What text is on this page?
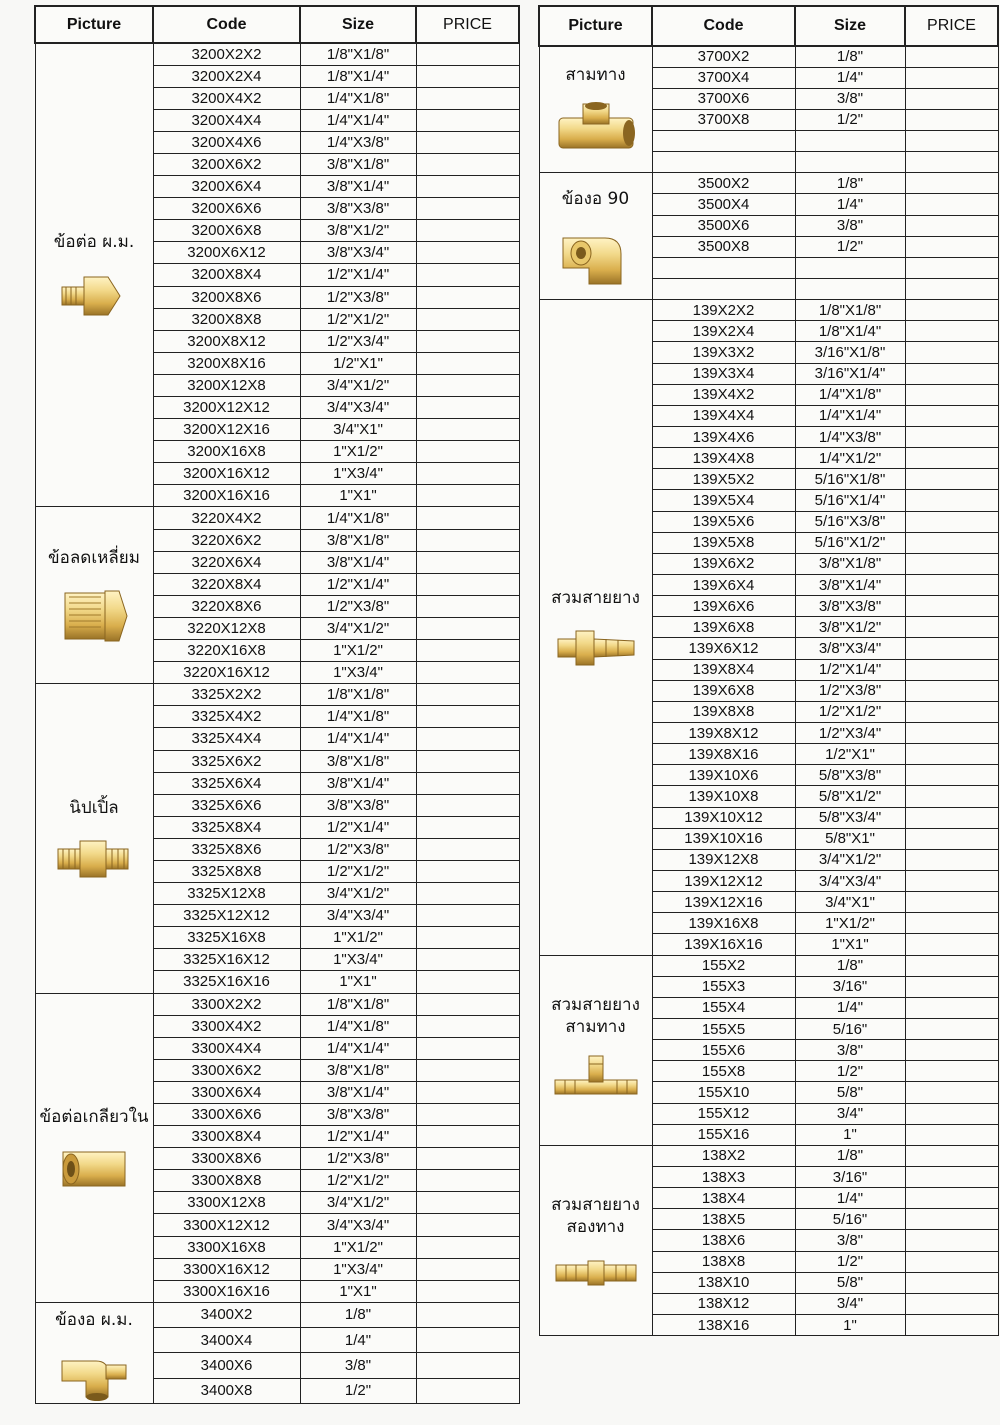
Picture	Code	Size	PRICE

ข้อต่อ ผ.ม.	3200X2X2	1/8"X1/8"	
	3200X2X4	1/8"X1/4"	
	3200X4X2	1/4"X1/8"	
	3200X4X4	1/4"X1/4"	
	3200X4X6	1/4"X3/8"	
	3200X6X2	3/8"X1/8"	
	3200X6X4	3/8"X1/4"	
	3200X6X6	3/8"X3/8"	
	3200X6X8	3/8"X1/2"	
	3200X6X12	3/8"X3/4"	
	3200X8X4	1/2"X1/4"	
	3200X8X6	1/2"X3/8"	
	3200X8X8	1/2"X1/2"	
	3200X8X12	1/2"X3/4"	
	3200X8X16	1/2"X1"	
	3200X12X8	3/4"X1/2"	
	3200X12X12	3/4"X3/4"	
	3200X12X16	3/4"X1"	
	3200X16X8	1"X1/2"	
	3200X16X12	1"X3/4"	
	3200X16X16	1"X1"	

ข้อลดเหลี่ยม	3220X4X2	1/4"X1/8"	
	3220X6X2	3/8"X1/8"	
	3220X6X4	3/8"X1/4"	
	3220X8X4	1/2"X1/4"	
	3220X8X6	1/2"X3/8"	
	3220X12X8	3/4"X1/2"	
	3220X16X8	1"X1/2"	
	3220X16X12	1"X3/4"	

นิปเปิ้ล	3325X2X2	1/8"X1/8"	
	3325X4X2	1/4"X1/8"	
	3325X4X4	1/4"X1/4"	
	3325X6X2	3/8"X1/8"	
	3325X6X4	3/8"X1/4"	
	3325X6X6	3/8"X3/8"	
	3325X8X4	1/2"X1/4"	
	3325X8X6	1/2"X3/8"	
	3325X8X8	1/2"X1/2"	
	3325X12X8	3/4"X1/2"	
	3325X12X12	3/4"X3/4"	
	3325X16X8	1"X1/2"	
	3325X16X12	1"X3/4"	
	3325X16X16	1"X1"	

ข้อต่อเกลียวใน	3300X2X2	1/8"X1/8"	
	3300X4X2	1/4"X1/8"	
	3300X4X4	1/4"X1/4"	
	3300X6X2	3/8"X1/8"	
	3300X6X4	3/8"X1/4"	
	3300X6X6	3/8"X3/8"	
	3300X8X4	1/2"X1/4"	
	3300X8X6	1/2"X3/8"	
	3300X8X8	1/2"X1/2"	
	3300X12X8	3/4"X1/2"	
	3300X12X12	3/4"X3/4"	
	3300X16X8	1"X1/2"	
	3300X16X12	1"X3/4"	
	3300X16X16	1"X1"	

ข้องอ ผ.ม.	3400X2	1/8"	
	3400X4	1/4"	
	3400X6	3/8"	
	3400X8	1/2"	
Picture	Code	Size	PRICE

สามทาง	3700X2	1/8"	
	3700X4	1/4"	
	3700X6	3/8"	
	3700X8	1/2"	

ข้องอ 90	3500X2	1/8"	
	3500X4	1/4"	
	3500X6	3/8"	
	3500X8	1/2"	

สวมสายยาง	139X2X2	1/8"X1/8"	
	139X2X4	1/8"X1/4"	
	139X3X2	3/16"X1/8"	
	139X3X4	3/16"X1/4"	
	139X4X2	1/4"X1/8"	
	139X4X4	1/4"X1/4"	
	139X4X6	1/4"X3/8"	
	139X4X8	1/4"X1/2"	
	139X5X2	5/16"X1/8"	
	139X5X4	5/16"X1/4"	
	139X5X6	5/16"X3/8"	
	139X5X8	5/16"X1/2"	
	139X6X2	3/8"X1/8"	
	139X6X4	3/8"X1/4"	
	139X6X6	3/8"X3/8"	
	139X6X8	3/8"X1/2"	
	139X6X12	3/8"X3/4"	
	139X8X4	1/2"X1/4"	
	139X6X8	1/2"X3/8"	
	139X8X8	1/2"X1/2"	
	139X8X12	1/2"X3/4"	
	139X8X16	1/2"X1"	
	139X10X6	5/8"X3/8"	
	139X10X8	5/8"X1/2"	
	139X10X12	5/8"X3/4"	
	139X10X16	5/8"X1"	
	139X12X8	3/4"X1/2"	
	139X12X12	3/4"X3/4"	
	139X12X16	3/4"X1"	
	139X16X8	1"X1/2"	
	139X16X16	1"X1"	

สวมสายยาง สามทาง	155X2	1/8"	
	155X3	3/16"	
	155X4	1/4"	
	155X5	5/16"	
	155X6	3/8"	
	155X8	1/2"	
	155X10	5/8"	
	155X12	3/4"	
	155X16	1"	

สวมสายยาง สองทาง	138X2	1/8"	
	138X3	3/16"	
	138X4	1/4"	
	138X5	5/16"	
	138X6	3/8"	
	138X8	1/2"	
	138X10	5/8"	
	138X12	3/4"	
	138X16	1"	
